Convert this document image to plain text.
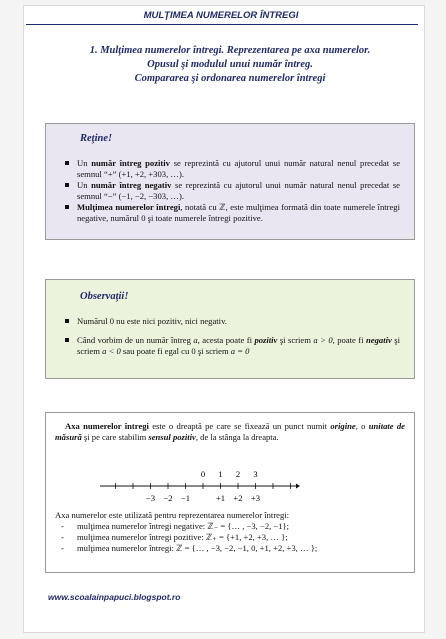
MULŢIMEA NUMERELOR ÎNTREGI
1. Mulţimea numerelor întregi. Reprezentarea pe axa numerelor.
Opusul şi modulul unui număr întreg.
Compararea şi ordonarea numerelor întregi
Reţine!
Un număr întreg pozitiv se reprezintă cu ajutorul unui număr natural nenul precedat se semnul “+” (+1, +2, +303, …).
Un număr întreg negativ se reprezintă cu ajutorul unui număr natural nenul precedat se semnul “−” (−1, −2, −303, …).
Mulţimea numerelor întregi, notată cu ℤ, este mulţimea formată din toate numerele întregi negative, numărul 0 şi toate numerele întregi pozitive.
Observaţii!
Numărul 0 nu este nici pozitiv, nici negativ.
Când vorbim de un număr întreg a, acesta poate fi pozitiv şi scriem a > 0, poate fi negativ şi scriem a < 0 sau poate fi egal cu 0 şi scriem a = 0
Axa numerelor întregi este o dreaptă pe care se fixează un punct numit origine, o unitate de măsură şi pe care stabilim sensul pozitiv, de la stânga la dreapta.
0 1 2 3
−3 −2 −1	+1 +2 +3
Axa numerelor este utilizată pentru reprezentarea numerelor întregi:
- mulţimea numerelor întregi negative: ℤ₋ = {… , −3, −2, −1};
- mulţimea numerelor întregi pozitive: ℤ₊ = {+1, +2, +3, … };
- mulţimea numerelor întregi: ℤ = {… , −3, −2, −1, 0, +1, +2, +3, … };
www.scoalainpapuci.blogspot.ro
